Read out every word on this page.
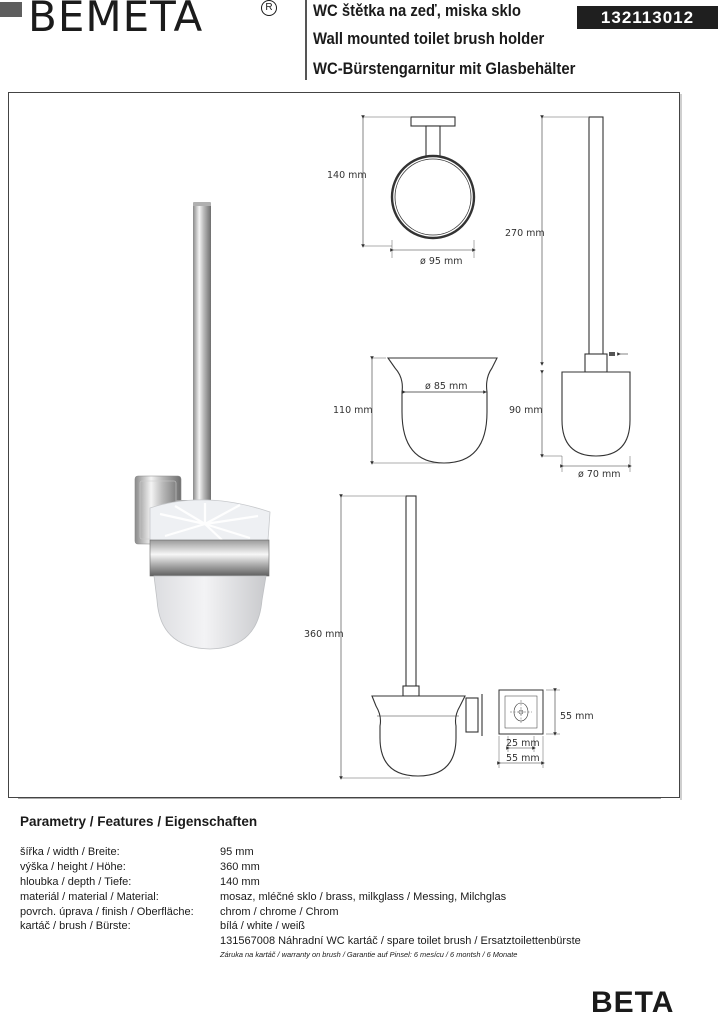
BEMETA	R WC štětka na zeď, miska sklo
Wall mounted toilet brush holder
WC-Bürstengarnitur mit Glasbehälter
132113012
140 mm
ø 95 mm
270 mm
90 mm
ø 70 mm
110 mm
ø 85 mm
360 mm
55 mm
25 mm
55 mm
Parametry / Features / Eigenschaften
šířka / width / Breite:	95 mm
výška / height / Höhe:	360 mm
hloubka / depth / Tiefe:	140 mm
materiál / material / Material:	mosaz, mléčné sklo / brass, milkglass / Messing, Milchglas
povrch. úprava / finish / Oberfläche: chrom / chrome / Chrom
kartáč / brush / Bürste:	bílá / white / weiß
131567008 Náhradní WC kartáč / spare toilet brush / Ersatztoilettenbürste
Záruka na kartáč / warranty on brush / Garantie auf Pinsel: 6 mesícu / 6 montsh / 6 Monate
BETA
